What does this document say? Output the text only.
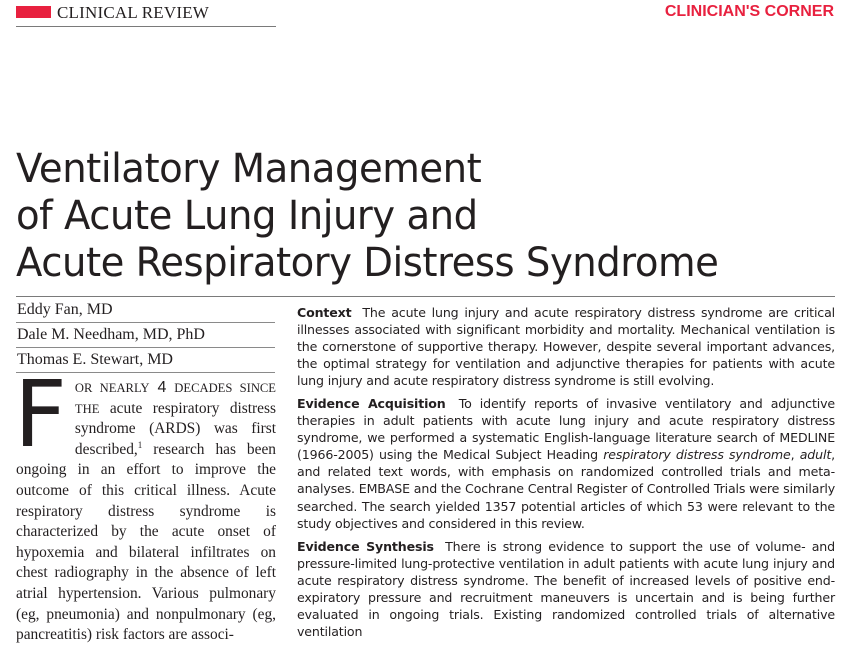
CLINICAL REVIEW	CLINICIAN'S CORNER
Ventilatory Management
of Acute Lung Injury and
Acute Respiratory Distress Syndrome
Eddy Fan, MD
Dale M. Needham, MD, PhD
Thomas E. Stewart, MD
FOR NEARLY 4 DECADES SINCE THE acute respiratory distress syndrome (ARDS) was first described,$^1$ research has been ongoing in an effort to improve the outcome of this critical illness. Acute respiratory distress syndrome is characterized by the acute onset of hypoxemia and bilateral infiltrates on chest radiography in the absence of left atrial hypertension. Various pulmonary (eg, pneumonia) and nonpulmonary (eg, pancreatitis) risk factors are associ-

Context The acute lung injury and acute respiratory distress syndrome are critical illnesses associated with significant morbidity and mortality. Mechanical ventilation is the cornerstone of supportive therapy. However, despite several important advances, the optimal strategy for ventilation and adjunctive therapies for patients with acute lung injury and acute respiratory distress syndrome is still evolving.

Evidence Acquisition To identify reports of invasive ventilatory and adjunctive therapies in adult patients with acute lung injury and acute respiratory distress syndrome, we performed a systematic English-language literature search of MEDLINE (1966-2005) using the Medical Subject Heading respiratory distress syndrome, adult, and related text words, with emphasis on randomized controlled trials and meta-analyses. EMBASE and the Cochrane Central Register of Controlled Trials were similarly searched. The search yielded 1357 potential articles of which 53 were relevant to the study objectives and considered in this review.

Evidence Synthesis There is strong evidence to support the use of volume- and pressure-limited lung-protective ventilation in adult patients with acute lung injury and acute respiratory distress syndrome. The benefit of increased levels of positive end-expiratory pressure and recruitment maneuvers is uncertain and is being further evaluated in ongoing trials. Existing randomized controlled trials of alternative ventilation
